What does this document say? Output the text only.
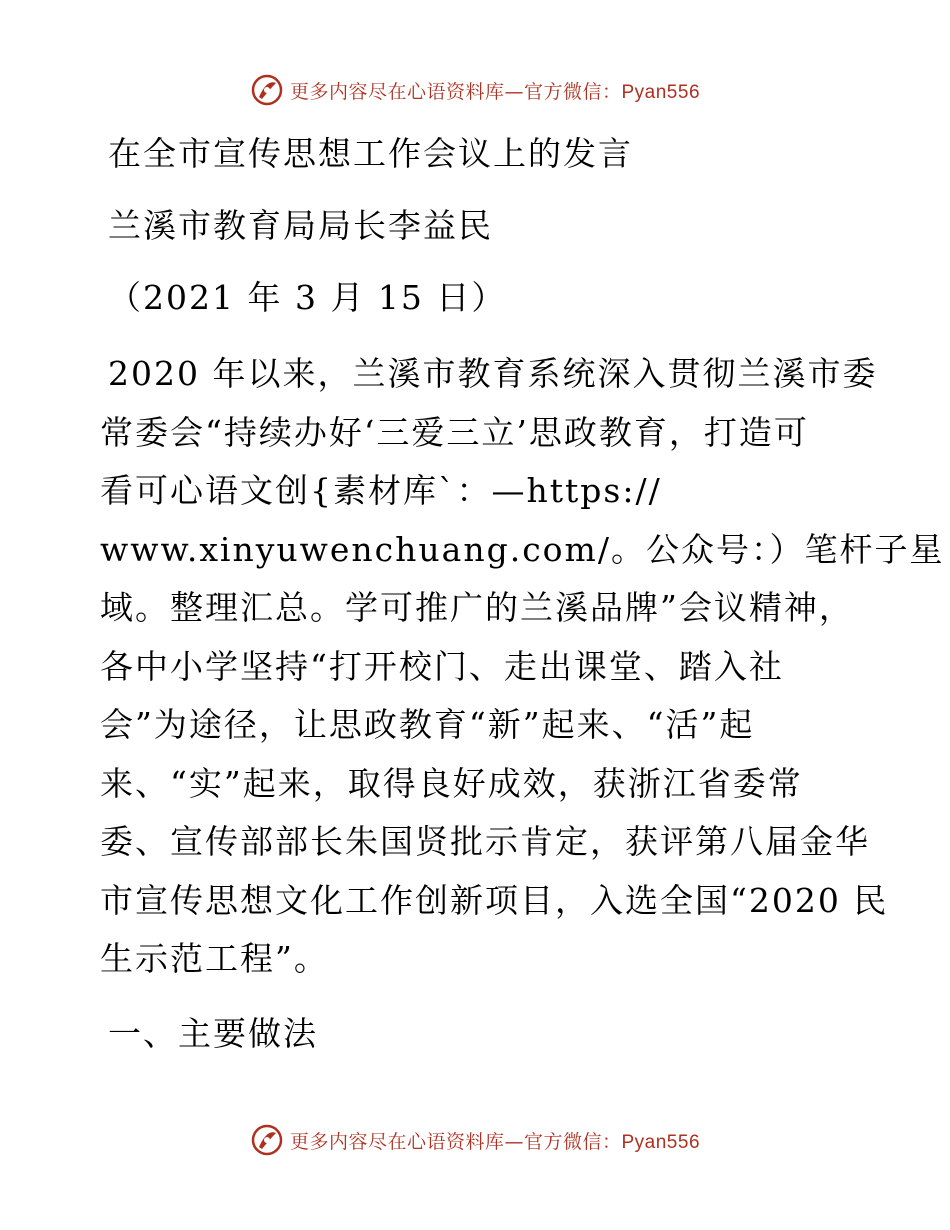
更多内容尽在心语资料库—官方微信：Pyan556

在全市宣传思想工作会议上的发言

兰溪市教育局局长李益民

（2021 年 3 月 15 日）

2020 年以来，兰溪市教育系统深入贯彻兰溪市委
常委会“持续办好‘三爱三立’思政教育，打造可
看可心语文创{素材库`：—https://
www.xinyuwenchuang.com/。公众号：）笔杆子星
域。整理汇总。学可推广的兰溪品牌”会议精神，
各中小学坚持“打开校门、走出课堂、踏入社
会”为途径，让思政教育“新”起来、“活”起
来、“实”起来，取得良好成效，获浙江省委常
委、宣传部部长朱国贤批示肯定，获评第八届金华
市宣传思想文化工作创新项目，入选全国“2020 民
生示范工程”。

一、主要做法

更多内容尽在心语资料库—官方微信：Pyan556
